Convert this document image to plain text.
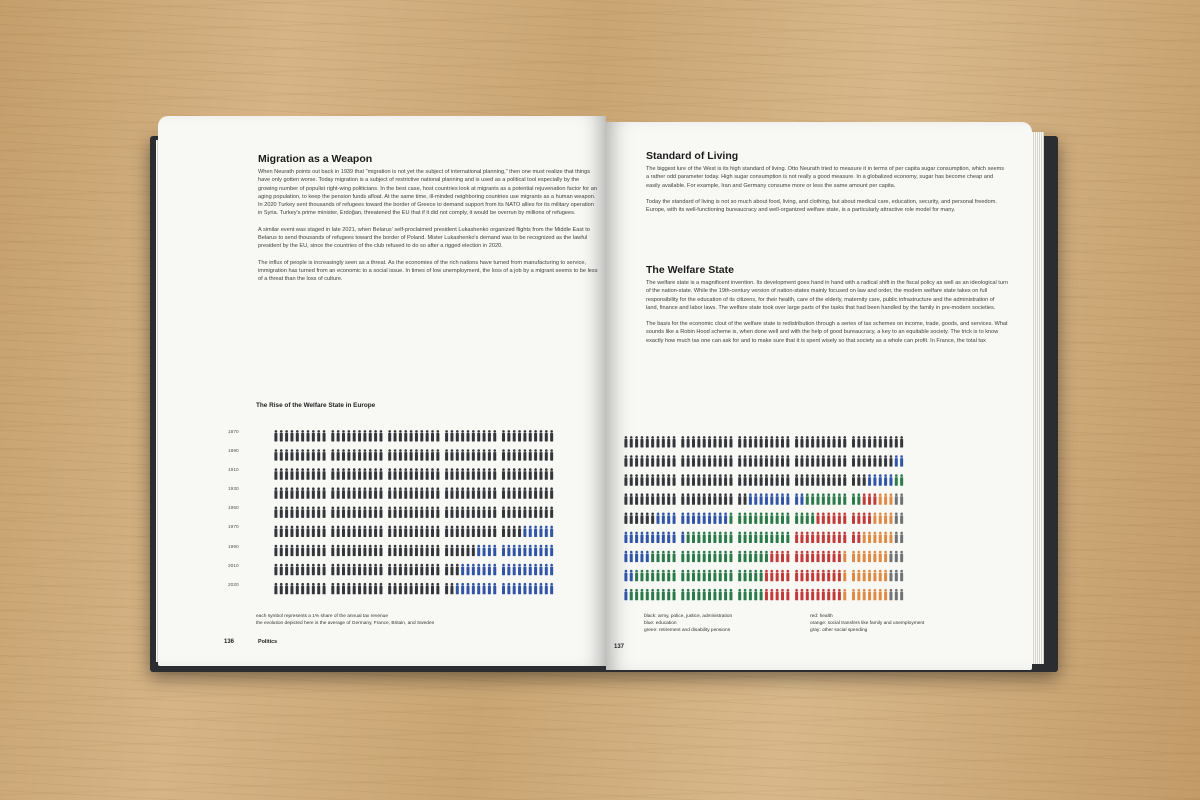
Migration as a Weapon

When Neurath points out back in 1939 that "migration is not yet the subject of international planning," then one must realize that things have only gotten worse. Today migration is a subject of restrictive national planning and is used as a political tool especially by the growing number of populist right-wing politicians. In the best case, host countries look at migrants as a potential rejuvenation factor for an aging population, to keep the pension funds afloat. At the same time, ill-minded neighboring countries use migrants as a human weapon. In 2020 Turkey sent thousands of refugees toward the border of Greece to demand support from its NATO allies for its military operation in Syria. Turkey's prime minister, Erdoğan, threatened the EU that if it did not comply, it would be overrun by millions of refugees.

A similar event was staged in late 2021, when Belarus' self-proclaimed president Lukashenko organized flights from the Middle East to Belarus to send thousands of refugees toward the border of Poland. Mister Lukashenko's demand was to be recognized as the lawful president by the EU, since the countries of the club refused to do so after a rigged election in 2020.

The influx of people is increasingly seen as a threat. As the economies of the rich nations have turned from manufacturing to service, immigration has turned from an economic to a social issue. In times of low unemployment, the loss of a job by a migrant seems to be less of a threat than the loss of culture.

The Rise of the Welfare State in Europe
1870
1890
1910
1930
1950
1970
1990
2010
2020
each symbol represents a 1% share of the annual tax revenue
the evolution depicted here is the average of Germany, France, Britain, and Sweden
136	Politics
Standard of Living

The biggest lure of the West is its high standard of living. Otto Neurath tried to measure it in terms of per capita sugar consumption, which seems a rather odd parameter today. High sugar consumption is not really a good measure. In a globalized economy, sugar has become cheap and easily available. For example, Iran and Germany consume more or less the same amount per capita.

Today the standard of living is not so much about food, living, and clothing, but about medical care, education, security, and personal freedom. Europe, with its well-functioning bureaucracy and well-organized welfare state, is a particularly attractive role model for many.

The Welfare State

The welfare state is a magnificent invention. Its development goes hand in hand with a radical shift in the fiscal policy as well as an ideological turn of the nation-state. While the 19th-century version of nation-states mainly focused on law and order, the modern welfare state takes on full responsibility for the education of its citizens, for their health, care of the elderly, maternity care, public infrastructure and the administration of land, finance and labor laws. The welfare state took over large parts of the tasks that had been handled by the family in pre-modern societies.

The basis for the economic clout of the welfare state is redistribution through a series of tax schemes on income, trade, goods, and services. What sounds like a Robin Hood scheme is, when done well and with the help of good bureaucracy, a key to an equitable society. The trick is to know exactly how much tax one can ask for and to make sure that it is spent wisely so that society as a whole can profit. In France, the total tax

black: army, police, justice, administration
blue: education
green: retirement and disability pensions
red: health
orange: social transfers like family and unemployment
gray: other social spending
137
